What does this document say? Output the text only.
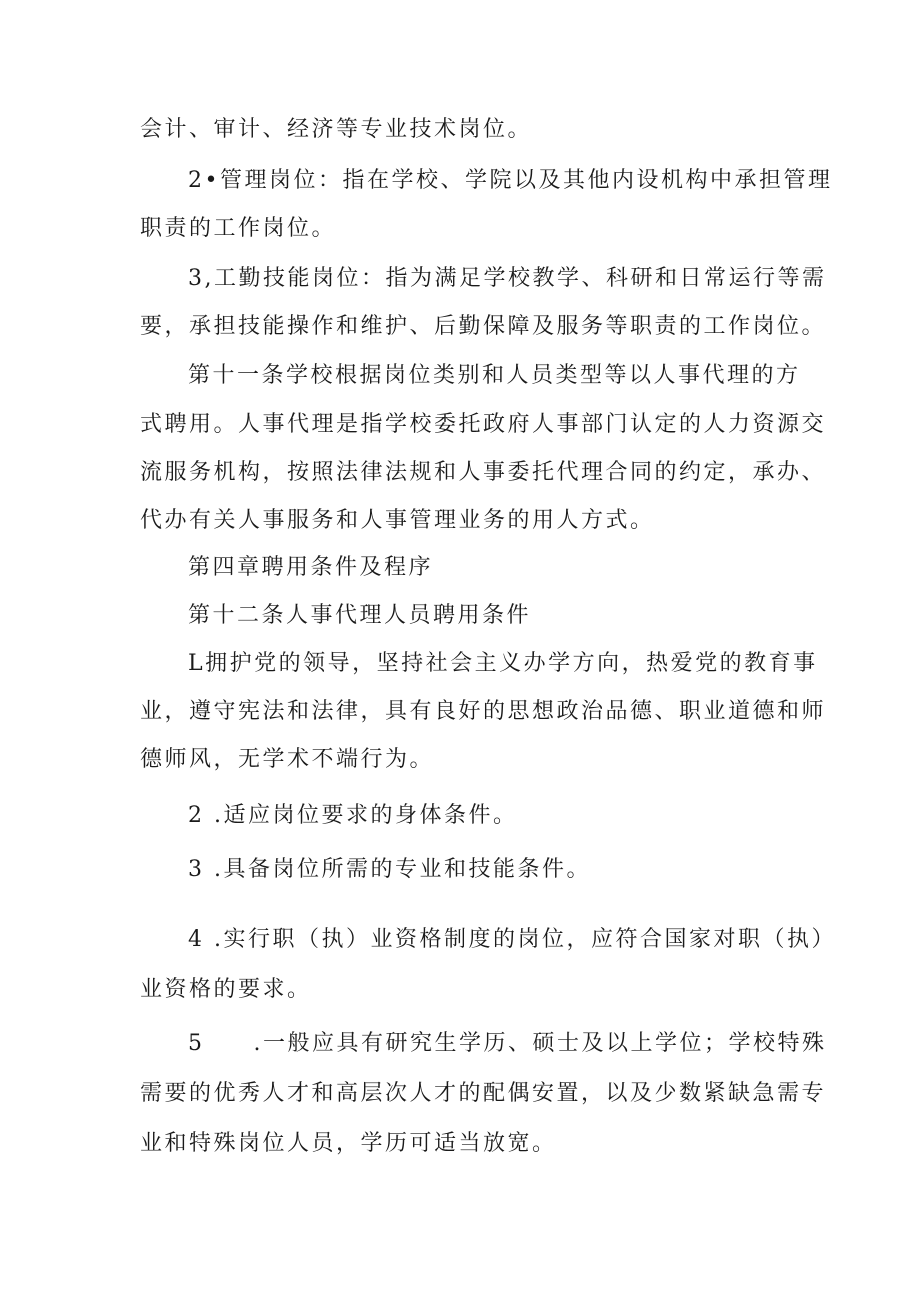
会计、审计、经济等专业技术岗位。
2•管理岗位：指在学校、学院以及其他内设机构中承担管理
职责的工作岗位。
3,工勤技能岗位：指为满足学校教学、科研和日常运行等需
要，承担技能操作和维护、后勤保障及服务等职责的工作岗位。
第十一条学校根据岗位类别和人员类型等以人事代理的方
式聘用。人事代理是指学校委托政府人事部门认定的人力资源交
流服务机构，按照法律法规和人事委托代理合同的约定，承办、
代办有关人事服务和人事管理业务的用人方式。
第四章聘用条件及程序
第十二条人事代理人员聘用条件
L拥护党的领导，坚持社会主义办学方向，热爱党的教育事
业，遵守宪法和法律，具有良好的思想政治品德、职业道德和师
德师风，无学术不端行为。
2 .适应岗位要求的身体条件。
3 .具备岗位所需的专业和技能条件。
4 .实行职（执）业资格制度的岗位，应符合国家对职（执）
业资格的要求。
5　　.一般应具有研究生学历、硕士及以上学位；学校特殊
需要的优秀人才和高层次人才的配偶安置，以及少数紧缺急需专
业和特殊岗位人员，学历可适当放宽。
